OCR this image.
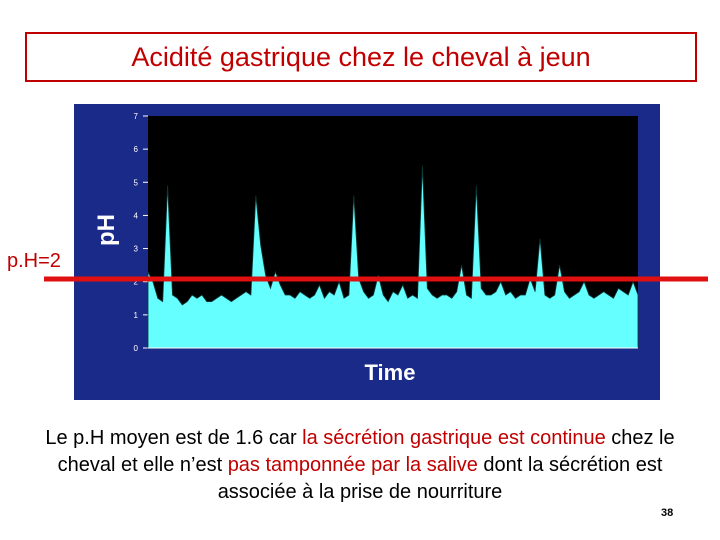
Acidité gastrique chez le cheval à jeun
0
1
2
3
4
5
6
7
pH
Time
p.H=2
Le p.H moyen est de 1.6 car la sécrétion gastrique est continue chez le cheval et elle n’est pas tamponnée par la salive dont la sécrétion est associée à la prise de nourriture
38
